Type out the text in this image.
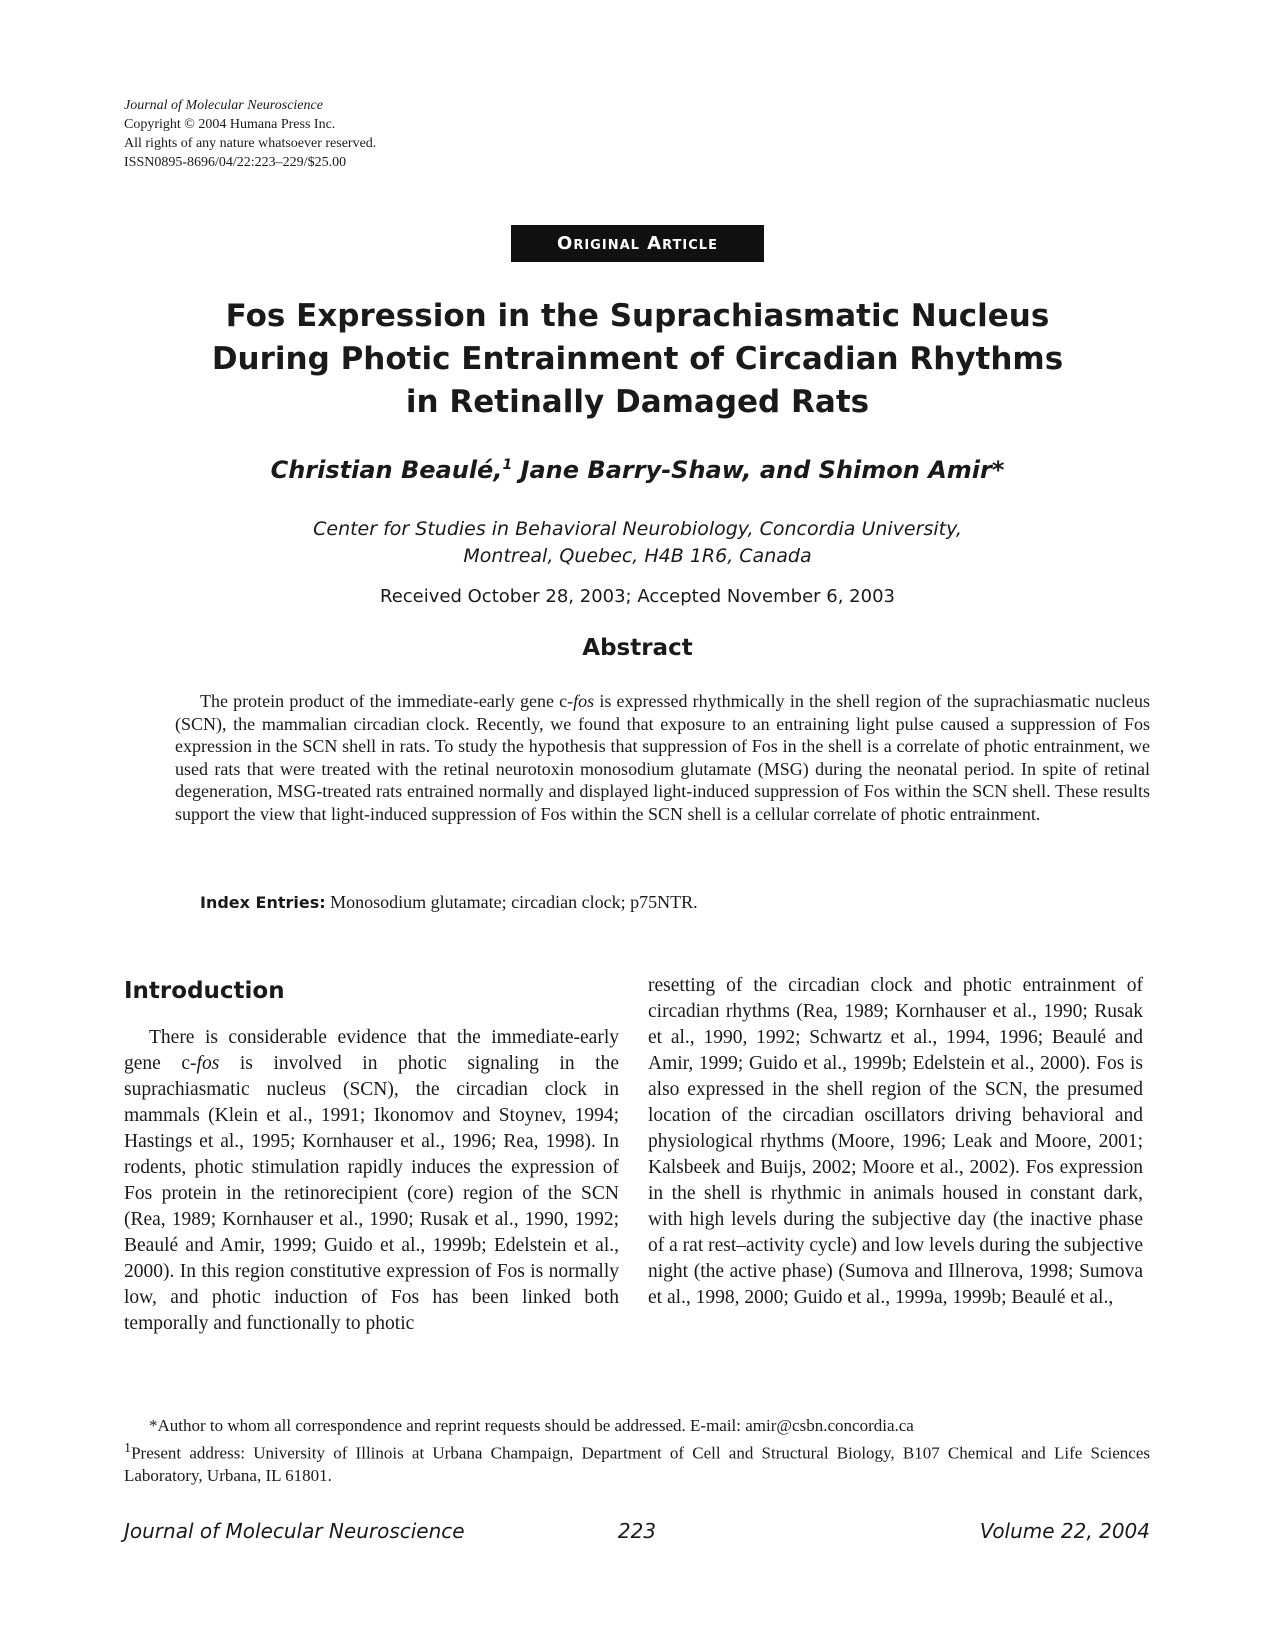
Journal of Molecular Neuroscience
Copyright © 2004 Humana Press Inc.
All rights of any nature whatsoever reserved.
ISSN0895-8696/04/22:223–229/$25.00
Original Article
Fos Expression in the Suprachiasmatic Nucleus
During Photic Entrainment of Circadian Rhythms
in Retinally Damaged Rats
Christian Beaulé,$^1$ Jane Barry-Shaw, and Shimon Amir*
Center for Studies in Behavioral Neurobiology, Concordia University,
Montreal, Quebec, H4B 1R6, Canada
Received October 28, 2003; Accepted November 6, 2003
Abstract
The protein product of the immediate-early gene c-fos is expressed rhythmically in the shell region of the suprachiasmatic nucleus (SCN), the mammalian circadian clock. Recently, we found that exposure to an entraining light pulse caused a suppression of Fos expression in the SCN shell in rats. To study the hypothesis that suppression of Fos in the shell is a correlate of photic entrainment, we used rats that were treated with the retinal neurotoxin monosodium glutamate (MSG) during the neonatal period. In spite of retinal degeneration, MSG-treated rats entrained normally and displayed light-induced suppression of Fos within the SCN shell. These results support the view that light-induced suppression of Fos within the SCN shell is a cellular correlate of photic entrainment.
Index Entries: Monosodium glutamate; circadian clock; p75NTR.
Introduction
There is considerable evidence that the immediate-early gene c-fos is involved in photic signaling in the suprachiasmatic nucleus (SCN), the circadian clock in mammals (Klein et al., 1991; Ikonomov and Stoynev, 1994; Hastings et al., 1995; Kornhauser et al., 1996; Rea, 1998). In rodents, photic stimulation rapidly induces the expression of Fos protein in the retinorecipient (core) region of the SCN (Rea, 1989; Kornhauser et al., 1990; Rusak et al., 1990, 1992; Beaulé and Amir, 1999; Guido et al., 1999b; Edelstein et al., 2000). In this region constitutive expression of Fos is normally low, and photic induction of Fos has been linked both temporally and functionally to photic
resetting of the circadian clock and photic entrainment of circadian rhythms (Rea, 1989; Kornhauser et al., 1990; Rusak et al., 1990, 1992; Schwartz et al., 1994, 1996; Beaulé and Amir, 1999; Guido et al., 1999b; Edelstein et al., 2000). Fos is also expressed in the shell region of the SCN, the presumed location of the circadian oscillators driving behavioral and physiological rhythms (Moore, 1996; Leak and Moore, 2001; Kalsbeek and Buijs, 2002; Moore et al., 2002). Fos expression in the shell is rhythmic in animals housed in constant dark, with high levels during the subjective day (the inactive phase of a rat rest–activity cycle) and low levels during the subjective night (the active phase) (Sumova and Illnerova, 1998; Sumova et al., 1998, 2000; Guido et al., 1999a, 1999b; Beaulé et al.,
*Author to whom all correspondence and reprint requests should be addressed. E-mail: amir@csbn.concordia.ca
$^1$Present address: University of Illinois at Urbana Champaign, Department of Cell and Structural Biology, B107 Chemical and Life Sciences Laboratory, Urbana, IL 61801.
Journal of Molecular Neuroscience	223	Volume 22, 2004
